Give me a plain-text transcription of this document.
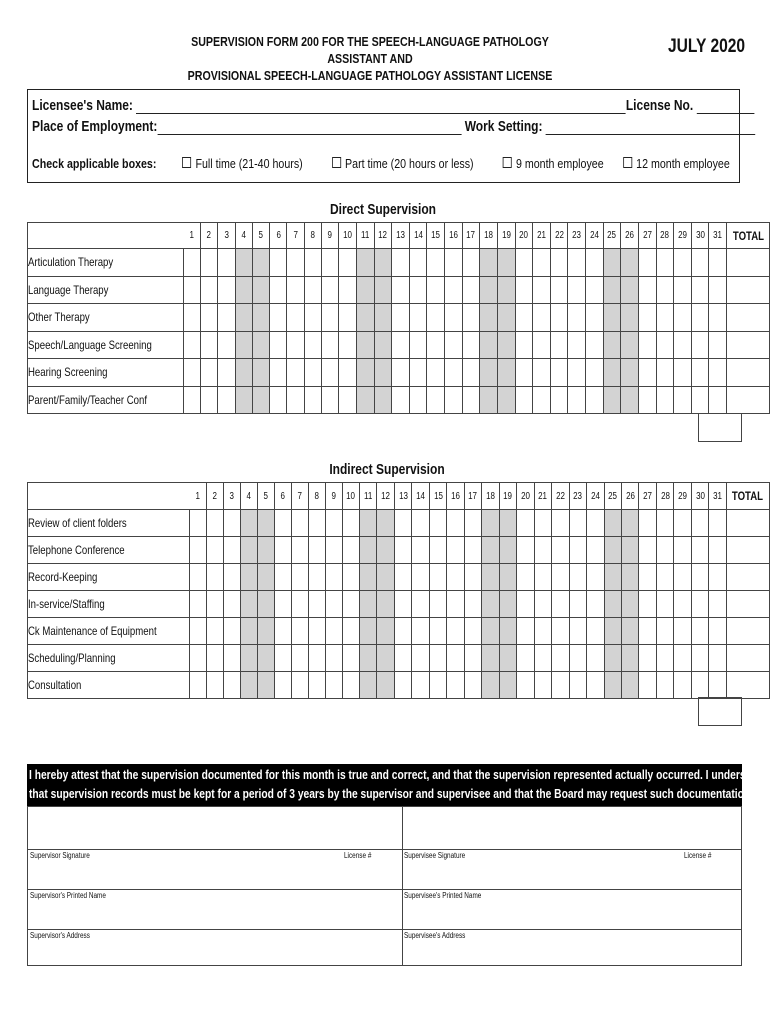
SUPERVISION FORM 200 FOR THE SPEECH-LANGUAGE PATHOLOGY ASSISTANT AND
PROVISIONAL SPEECH-LANGUAGE PATHOLOGY ASSISTANT LICENSE
JULY 2020
Licensee's Name:	License No.
Place of Employment:	Work Setting:
Check applicable boxes:	Full time (21-40 hours)	Part time (20 hours or less)	9 month employee 12 month employee
Direct Supervision
	1	2	3	4	5	6	7	8	9	10	11	12	13	14	15	16	17	18	19	20	21	22	23	24	25	26	27	28	29	30	31	TOTAL
Articulation Therapy																																
Language Therapy																																
Other Therapy																																
Speech/Language Screening																																
Hearing Screening																																
Parent/Family/Teacher Conf																																
Indirect Supervision
	1	2	3	4	5	6	7	8	9	10	11	12	13	14	15	16	17	18	19	20	21	22	23	24	25	26	27	28	29	30	31	TOTAL
Review of client folders																																
Telephone Conference																																
Record-Keeping																																
In-service/Staffing																																
Ck Maintenance of Equipment																																
Scheduling/Planning																																
Consultation																																
I hereby attest that the supervision documented for this month is true and correct, and that the supervision represented actually occurred. I understand
that supervision records must be kept for a period of 3 years by the supervisor and supervisee and that the Board may request such documentation.
Supervisor Signature	License #	Supervisee Signature	License #
Supervisor's Printed Name	Supervisee's Printed Name
Supervisor's Address	Supervisee's Address
